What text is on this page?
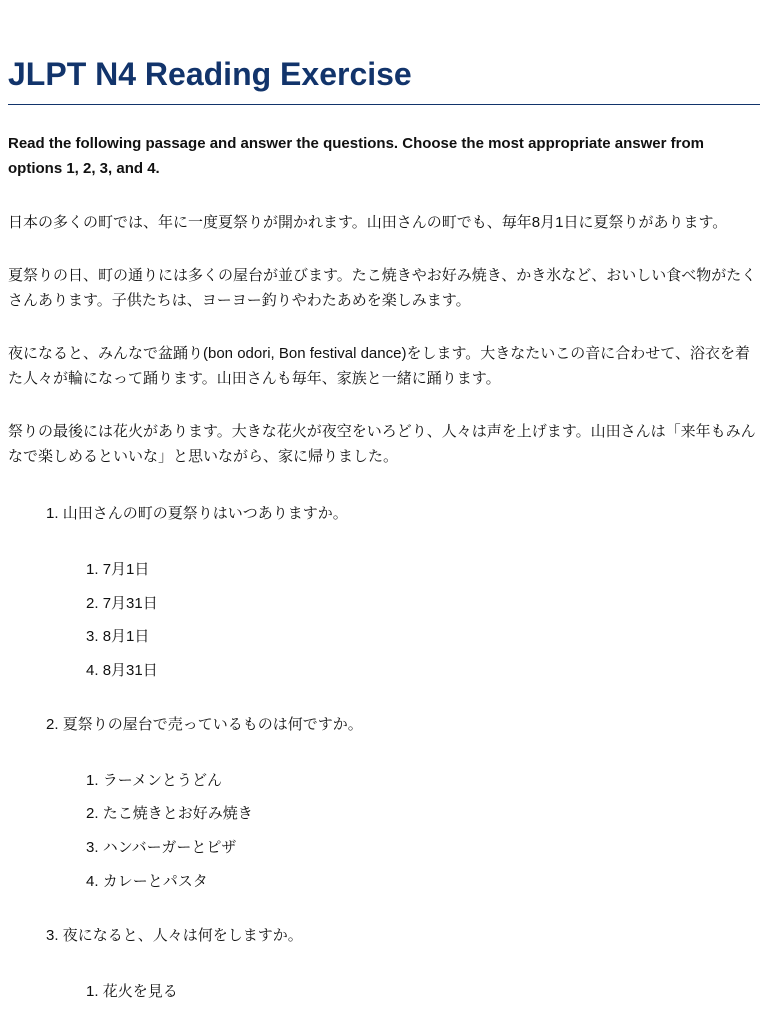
JLPT N4 Reading Exercise

Read the following passage and answer the questions. Choose the most appropriate answer from options 1, 2, 3, and 4.

日本の多くの町では、年に一度夏祭りが開かれます。山田さんの町でも、毎年8月1日に夏祭りがあります。

夏祭りの日、町の通りには多くの屋台が並びます。たこ焼きやお好み焼き、かき氷など、おいしい食べ物がたくさんあります。子供たちは、ヨーヨー釣りやわたあめを楽しみます。

夜になると、みんなで盆踊り(bon odori, Bon festival dance)をします。大きなたいこの音に合わせて、浴衣を着た人々が輪になって踊ります。山田さんも毎年、家族と一緒に踊ります。

祭りの最後には花火があります。大きな花火が夜空をいろどり、人々は声を上げます。山田さんは「来年もみんなで楽しめるといいな」と思いながら、家に帰りました。

1. 山田さんの町の夏祭りはいつありますか。
1. 7月1日
2. 7月31日
3. 8月1日
4. 8月31日
2. 夏祭りの屋台で売っているものは何ですか。
1. ラーメンとうどん
2. たこ焼きとお好み焼き
3. ハンバーガーとピザ
4. カレーとパスタ
3. 夜になると、人々は何をしますか。
1. 花火を見る
